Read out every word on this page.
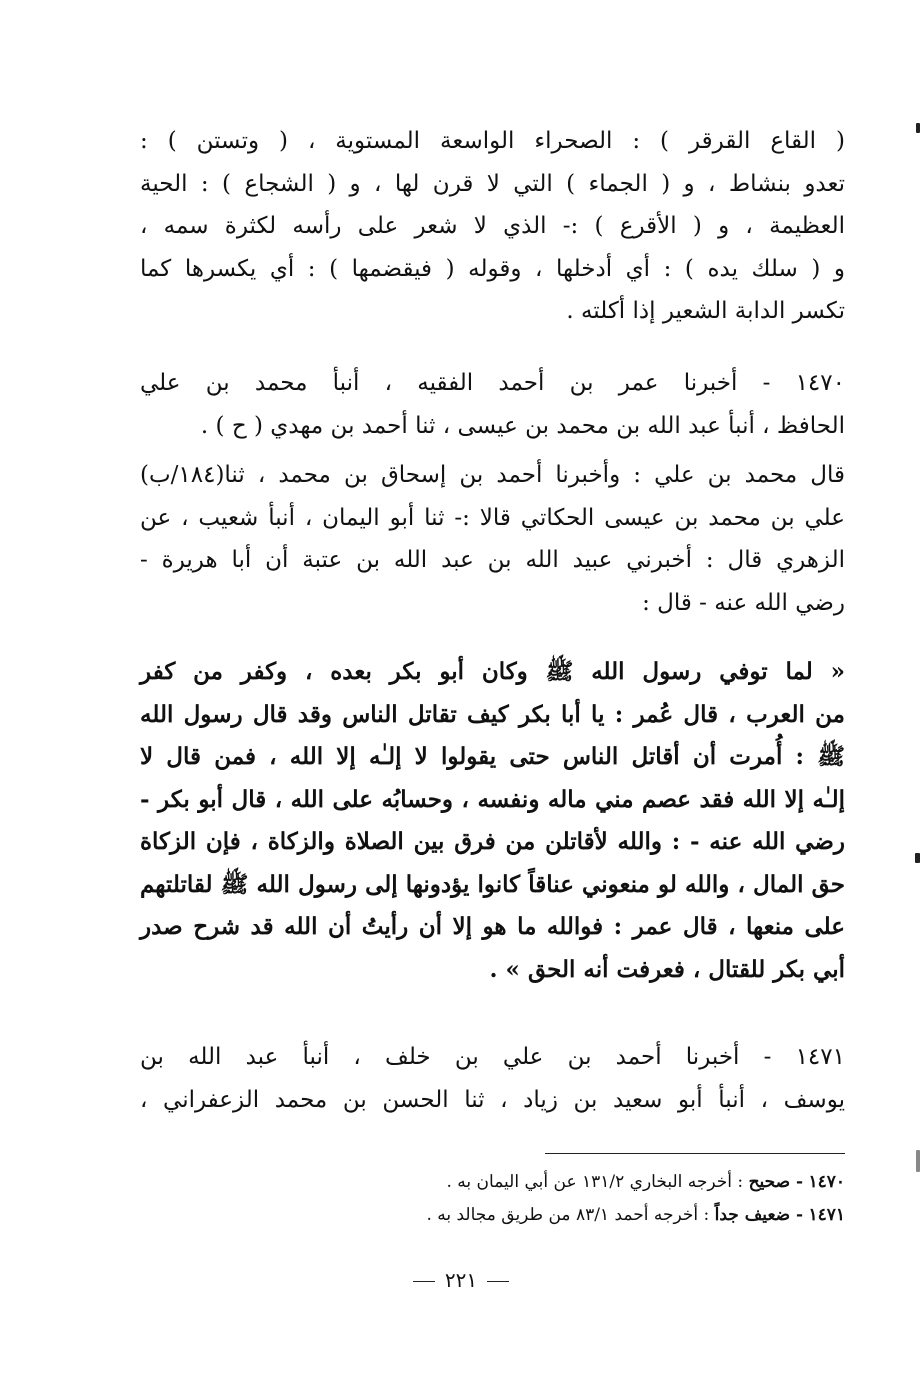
( القاع القرقر ) : الصحراء الواسعة المستوية ، ( وتستن ) :
تعدو بنشاط ، و ( الجماء ) التي لا قرن لها ، و ( الشجاع ) : الحية
العظيمة ، و ( الأقرع ) :- الذي لا شعر على رأسه لكثرة سمه ،
و ( سلك يده ) : أي أدخلها ، وقوله ( فيقضمها ) : أي يكسرها كما
تكسر الدابة الشعير إذا أكلته .
١٤٧٠ - أخبرنا عمر بن أحمد الفقيه ، أنبأ محمد بن علي
الحافظ ، أنبأ عبد الله بن محمد بن عيسى ، ثنا أحمد بن مهدي ( ح ) .
قال محمد بن علي : وأخبرنا أحمد بن إسحاق بن محمد ، ثنا(١٨٤/ب)
علي بن محمد بن عيسى الحكاتي قالا :- ثنا أبو اليمان ، أنبأ شعيب ، عن
الزهري قال : أخبرني عبيد الله بن عبد الله بن عتبة أن أبا هريرة -
رضي الله عنه - قال :
« لما توفي رسول الله ﷺ وكان أبو بكر بعده ، وكفر من كفر
من العرب ، قال عُمر : يا أبا بكر كيف تقاتل الناس وقد قال رسول الله
ﷺ : أُمرت أن أقاتل الناس حتى يقولوا لا إلـٰه إلا الله ، فمن قال لا
إلـٰه إلا الله فقد عصم مني ماله ونفسه ، وحسابُه على الله ، قال أبو بكر -
رضي الله عنه - : والله لأقاتلن من فرق بين الصلاة والزكاة ، فإن الزكاة
حق المال ، والله لو منعوني عناقاً كانوا يؤدونها إلى رسول الله ﷺ لقاتلتهم
على منعها ، قال عمر : فوالله ما هو إلا أن رأيتُ أن الله قد شرح صدر
أبي بكر للقتال ، فعرفت أنه الحق » .
١٤٧١ - أخبرنا أحمد بن علي بن خلف ، أنبأ عبد الله بن
يوسف ، أنبأ أبو سعيد بن زياد ، ثنا الحسن بن محمد الزعفراني ،
١٤٧٠ - صحيح : أخرجه البخاري ١٣١/٢ عن أبي اليمان به .
١٤٧١ - ضعيف جداً : أخرجه أحمد ٨٣/١ من طريق مجالد به .
٢٢١
